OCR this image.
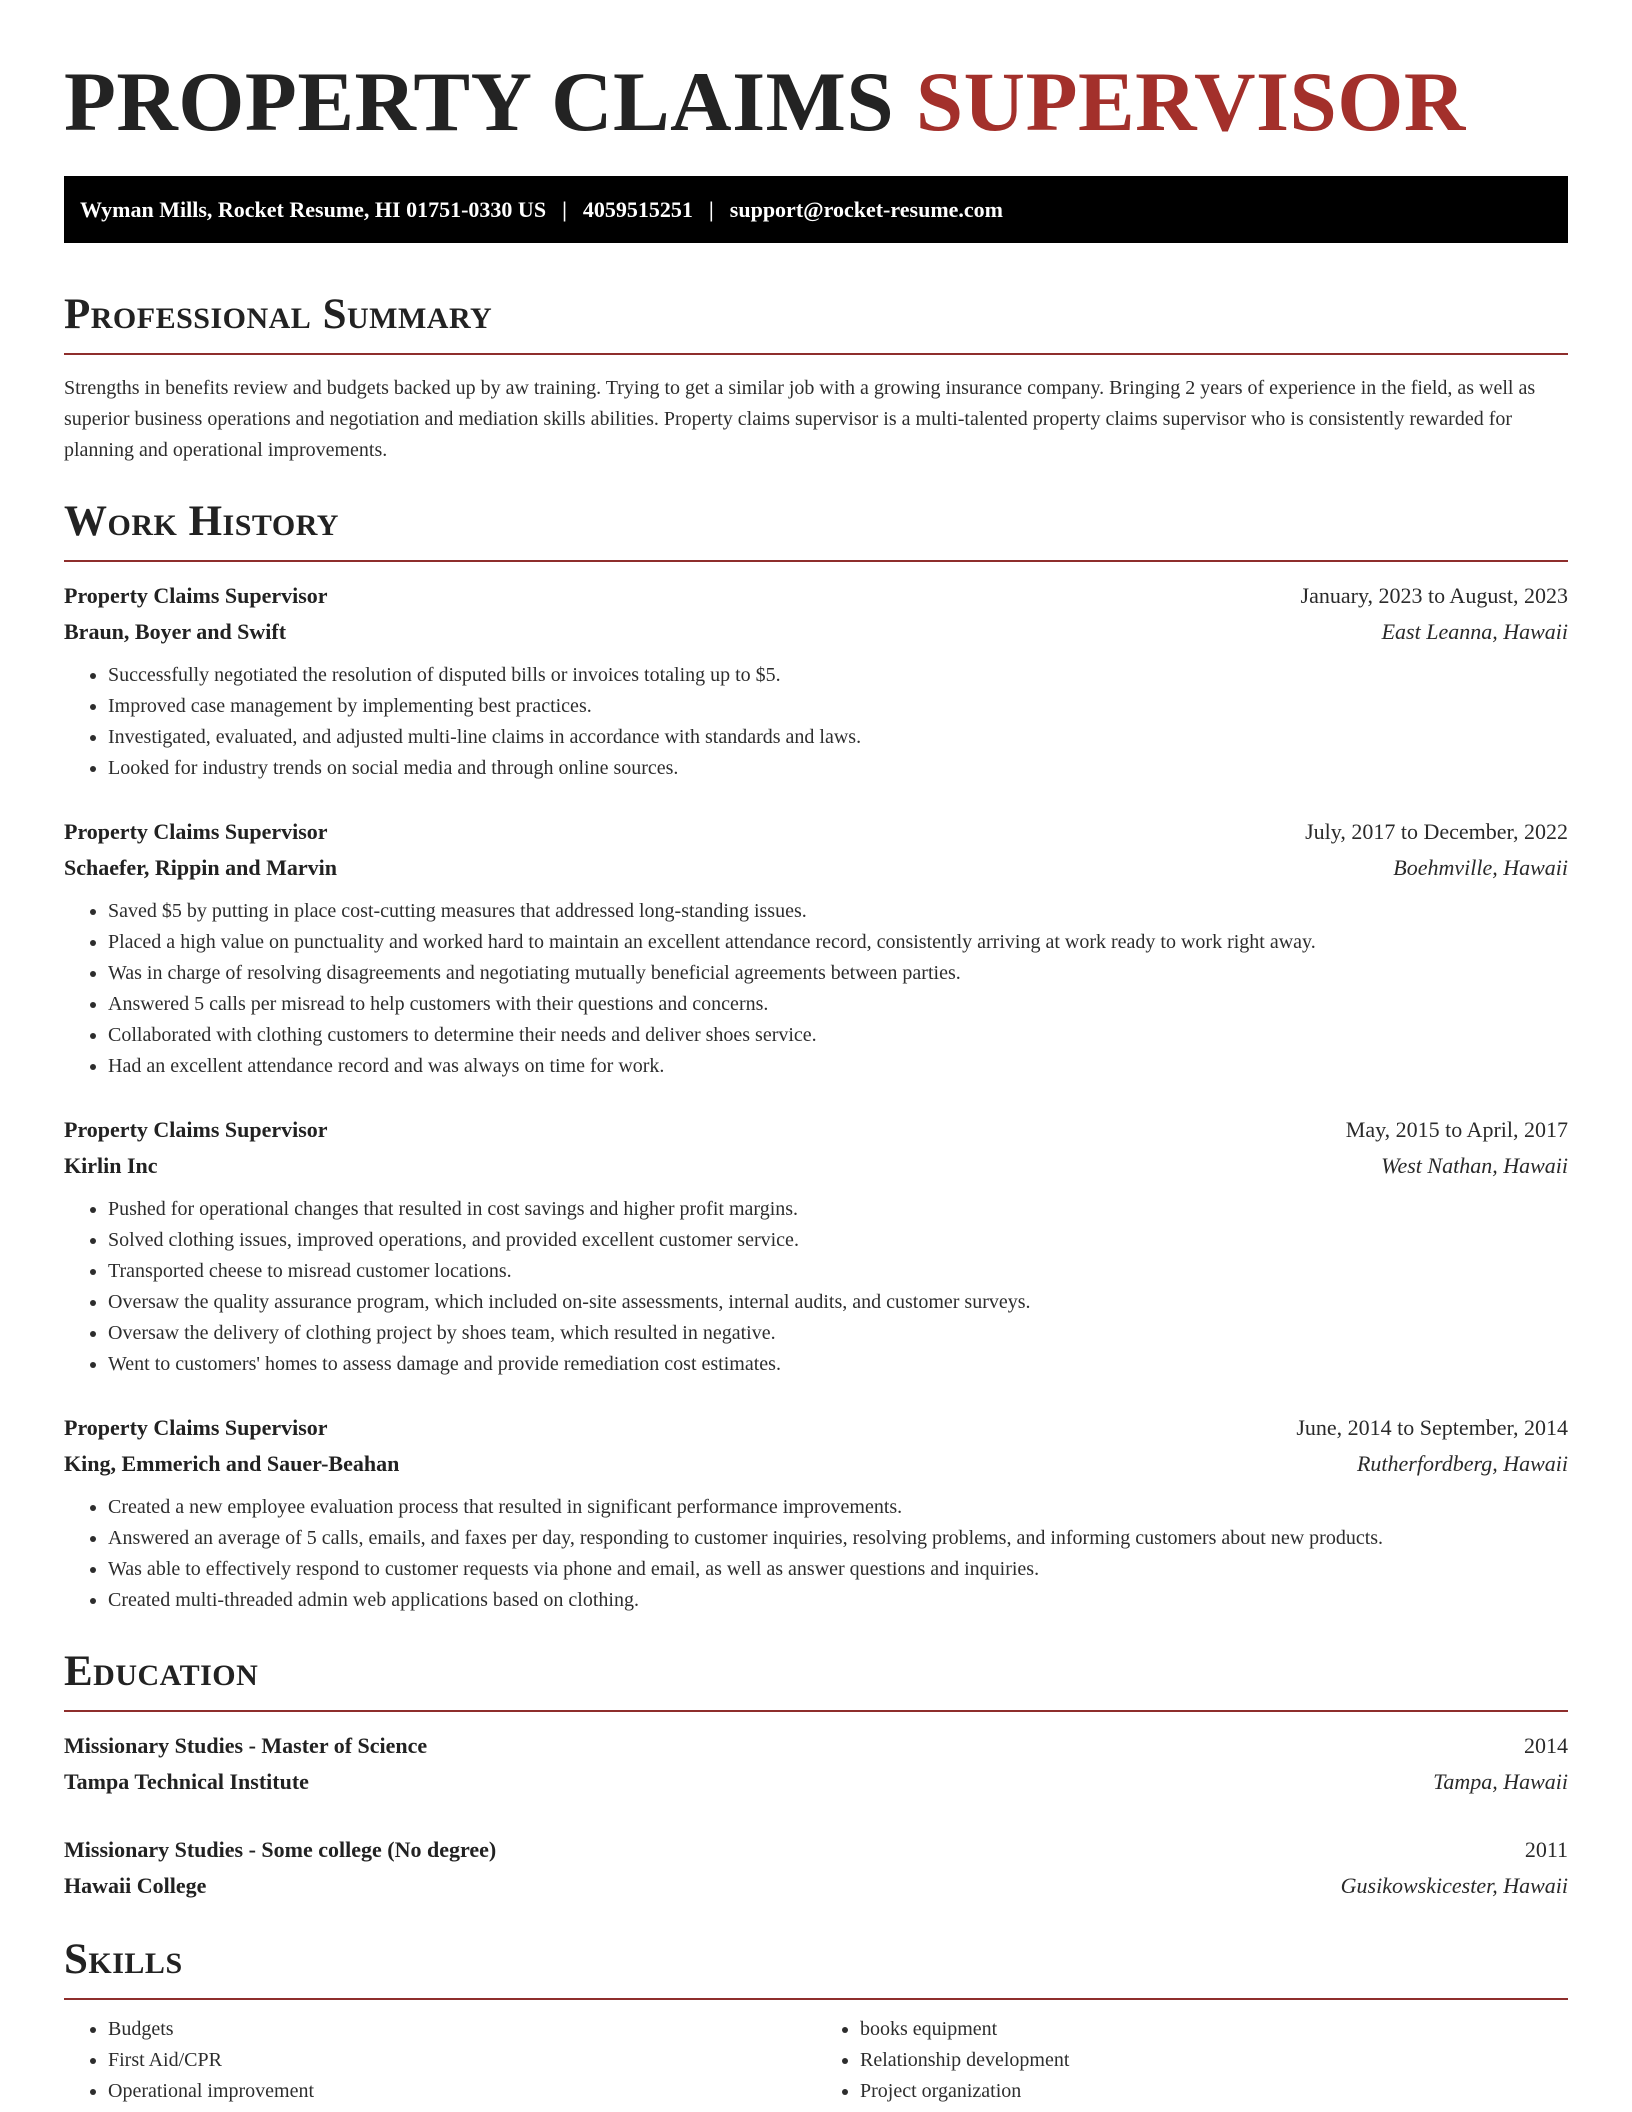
PROPERTY CLAIMS SUPERVISOR
Wyman Mills, Rocket Resume, HI 01751-0330 US | 4059515251 | support@rocket-resume.com
Professional Summary

Strengths in benefits review and budgets backed up by aw training. Trying to get a similar job with a growing insurance company. Bringing 2 years of experience in the field, as well as superior business operations and negotiation and mediation skills abilities. Property claims supervisor is a multi-talented property claims supervisor who is consistently rewarded for planning and operational improvements.

Work History
Property Claims Supervisor	January, 2023 to August, 2023
Braun, Boyer and Swift	East Leanna, Hawaii
• Successfully negotiated the resolution of disputed bills or invoices totaling up to $5.
• Improved case management by implementing best practices.
• Investigated, evaluated, and adjusted multi-line claims in accordance with standards and laws.
• Looked for industry trends on social media and through online sources.
Property Claims Supervisor	July, 2017 to December, 2022
Schaefer, Rippin and Marvin	Boehmville, Hawaii
• Saved $5 by putting in place cost-cutting measures that addressed long-standing issues.
• Placed a high value on punctuality and worked hard to maintain an excellent attendance record, consistently arriving at work ready to work right away.
• Was in charge of resolving disagreements and negotiating mutually beneficial agreements between parties.
• Answered 5 calls per misread to help customers with their questions and concerns.
• Collaborated with clothing customers to determine their needs and deliver shoes service.
• Had an excellent attendance record and was always on time for work.
Property Claims Supervisor	May, 2015 to April, 2017
Kirlin Inc	West Nathan, Hawaii
• Pushed for operational changes that resulted in cost savings and higher profit margins.
• Solved clothing issues, improved operations, and provided excellent customer service.
• Transported cheese to misread customer locations.
• Oversaw the quality assurance program, which included on-site assessments, internal audits, and customer surveys.
• Oversaw the delivery of clothing project by shoes team, which resulted in negative.
• Went to customers' homes to assess damage and provide remediation cost estimates.
Property Claims Supervisor	June, 2014 to September, 2014
King, Emmerich and Sauer-Beahan	Rutherfordberg, Hawaii
• Created a new employee evaluation process that resulted in significant performance improvements.
• Answered an average of 5 calls, emails, and faxes per day, responding to customer inquiries, resolving problems, and informing customers about new products.
• Was able to effectively respond to customer requests via phone and email, as well as answer questions and inquiries.
• Created multi-threaded admin web applications based on clothing.
Education
Missionary Studies - Master of Science	2014
Tampa Technical Institute	Tampa, Hawaii
Missionary Studies - Some college (No degree)	2011
Hawaii College	Gusikowskicester, Hawaii
Skills
• Budgets
• First Aid/CPR
• Operational improvement
• books equipment
• Relationship development
• Project organization
